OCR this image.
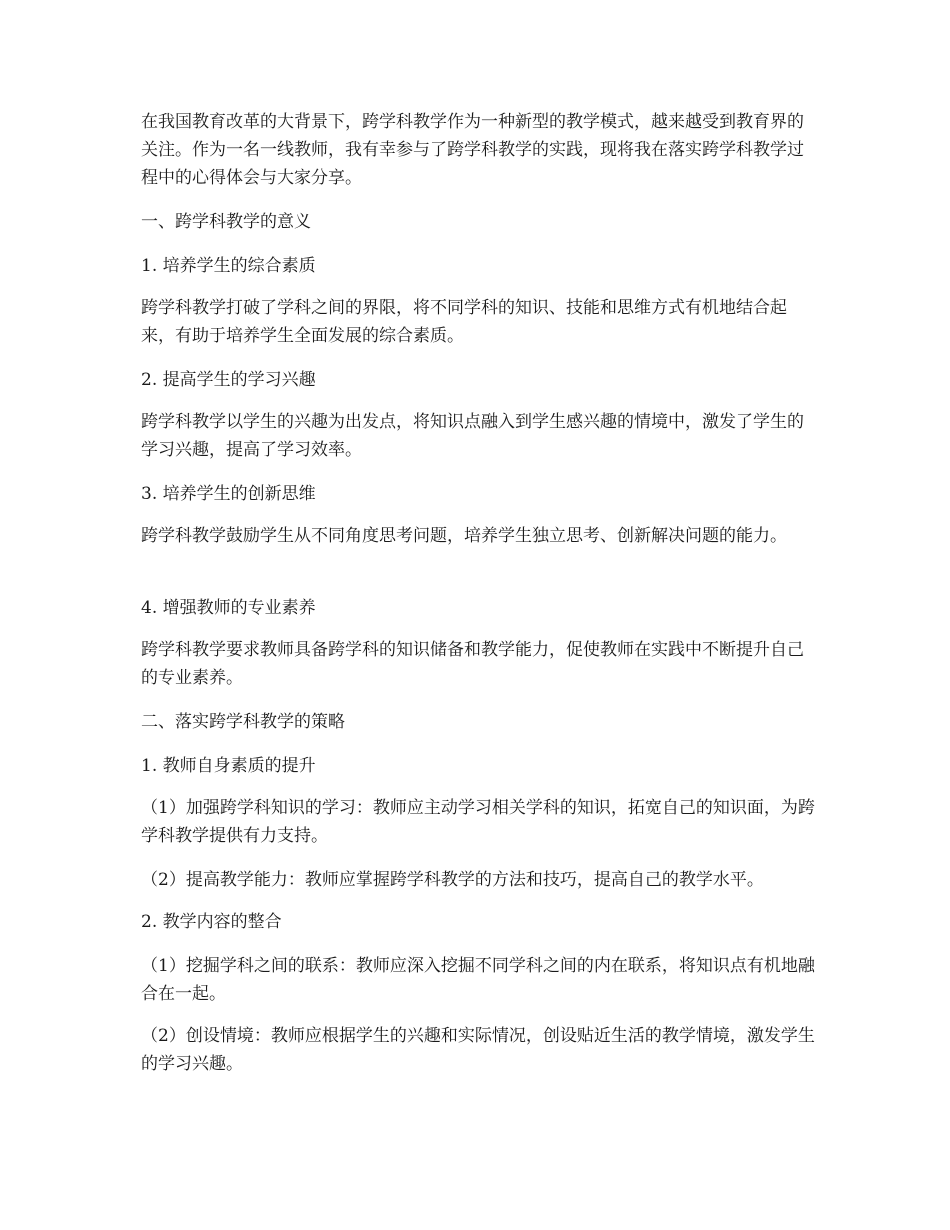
在我国教育改革的大背景下，跨学科教学作为一种新型的教学模式，越来越受到教育界的关注。作为一名一线教师，我有幸参与了跨学科教学的实践，现将我在落实跨学科教学过程中的心得体会与大家分享。

一、跨学科教学的意义

1. 培养学生的综合素质

跨学科教学打破了学科之间的界限，将不同学科的知识、技能和思维方式有机地结合起来，有助于培养学生全面发展的综合素质。

2. 提高学生的学习兴趣

跨学科教学以学生的兴趣为出发点，将知识点融入到学生感兴趣的情境中，激发了学生的学习兴趣，提高了学习效率。

3. 培养学生的创新思维

跨学科教学鼓励学生从不同角度思考问题，培养学生独立思考、创新解决问题的能力。

4. 增强教师的专业素养

跨学科教学要求教师具备跨学科的知识储备和教学能力，促使教师在实践中不断提升自己的专业素养。

二、落实跨学科教学的策略

1. 教师自身素质的提升

（1）加强跨学科知识的学习：教师应主动学习相关学科的知识，拓宽自己的知识面，为跨学科教学提供有力支持。

（2）提高教学能力：教师应掌握跨学科教学的方法和技巧，提高自己的教学水平。

2. 教学内容的整合

（1）挖掘学科之间的联系：教师应深入挖掘不同学科之间的内在联系，将知识点有机地融合在一起。

（2）创设情境：教师应根据学生的兴趣和实际情况，创设贴近生活的教学情境，激发学生的学习兴趣。
